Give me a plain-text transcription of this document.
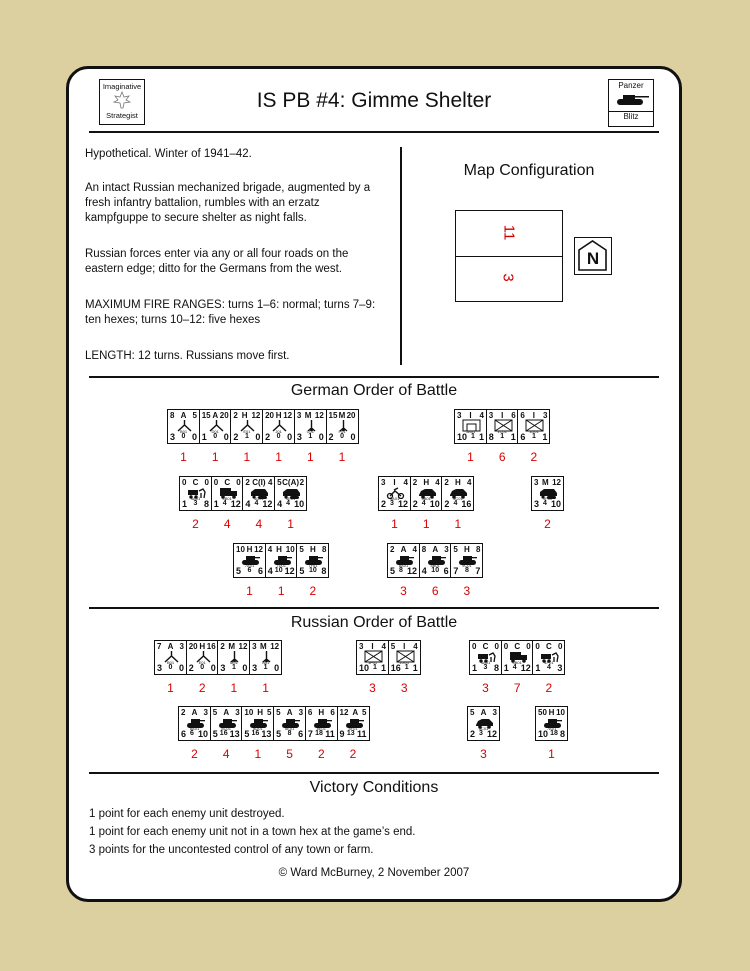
Imaginative
Strategist
Panzer
Blitz
IS PB #4: Gimme Shelter

Hypothetical. Winter of 1941–42.

An intact Russian mechanized brigade, augmented by a fresh infantry battalion, rumbles with an erzatz kampfguppe to secure shelter as night falls.

Russian forces enter via any or all four roads on the eastern edge; ditto for the Germans from the west.

MAXIMUM FIRE RANGES: turns 1–6: normal; turns 7–9: ten hexes; turns 10–12: five hexes

LENGTH: 12 turns. Russians move first.

Map Configuration
11
3
N
German Order of Battle
8 A 5
B01
3 0 0
1
15 A 20
D01
1 0 0
1
2 H 12
E01
2 1 0
1
20 H 12
J01
2 0 0
1
3 M 12
C01
3 1 0
1
15 M 20
P01
2 0 0
1
3 I 4
1A01
10 1 1
1
3 I 6
1C01
8 1 1
6
6 I 3
1D01
6 1 1
2
0 C 0
4A01
1 3 8
2
0 C 0
4B01
1 4 12
4
2 C(I) 4
4D01
4 4 12
4
5 C(A) 2
4E01
4 4 10
1
3 I 4
5A01
2 3 12
1
2 H 4
5B01
2 4 10
1
2 H 4
5C01
2 4 16
1
3 M 12
4F01
3 4 10
2
10 H 12
7A01
5 6 6
1
4 H 10
7D01
4 10 12
1
5 H 8
7F01
5 10 8
2
2 A 4
8A01
5 8 12
3
8 A 3
8B01
4 10 6
6
5 H 8
9C01
7 8 7
3
Russian Order of Battle
7 A 3
B01
3 0 0
1
20 H 16
E01
2 0 0
2
2 M 12
M01
3 1 0
1
3 M 12
N01
3 1 0
1
3 I 4
1F01
10 1 1
3
5 I 4
1G01
16 1 1
3
0 C 0
4A01
1 3 8
3
0 C 0
4B01
1 4 12
7
0 C 0
4P01
1 4 3
2
2 A 3
8A01
6 6 10
2
5 A 3
8C01
5 16 13
4
10 H 5
8D01
5 16 13
1
5 A 3
8E01
5 8 6
5
6 H 6
8E01
7 18 11
2
12 A 5
8F01
9 13 11
2
5 A 3
5C01
2 3 12
3
50 H 10
7A01
10 18 8
1
Victory Conditions
1 point for each enemy unit destroyed.
1 point for each enemy unit not in a town hex at the game’s end.
3 points for the uncontested control of any town or farm.
© Ward McBurney, 2 November 2007
